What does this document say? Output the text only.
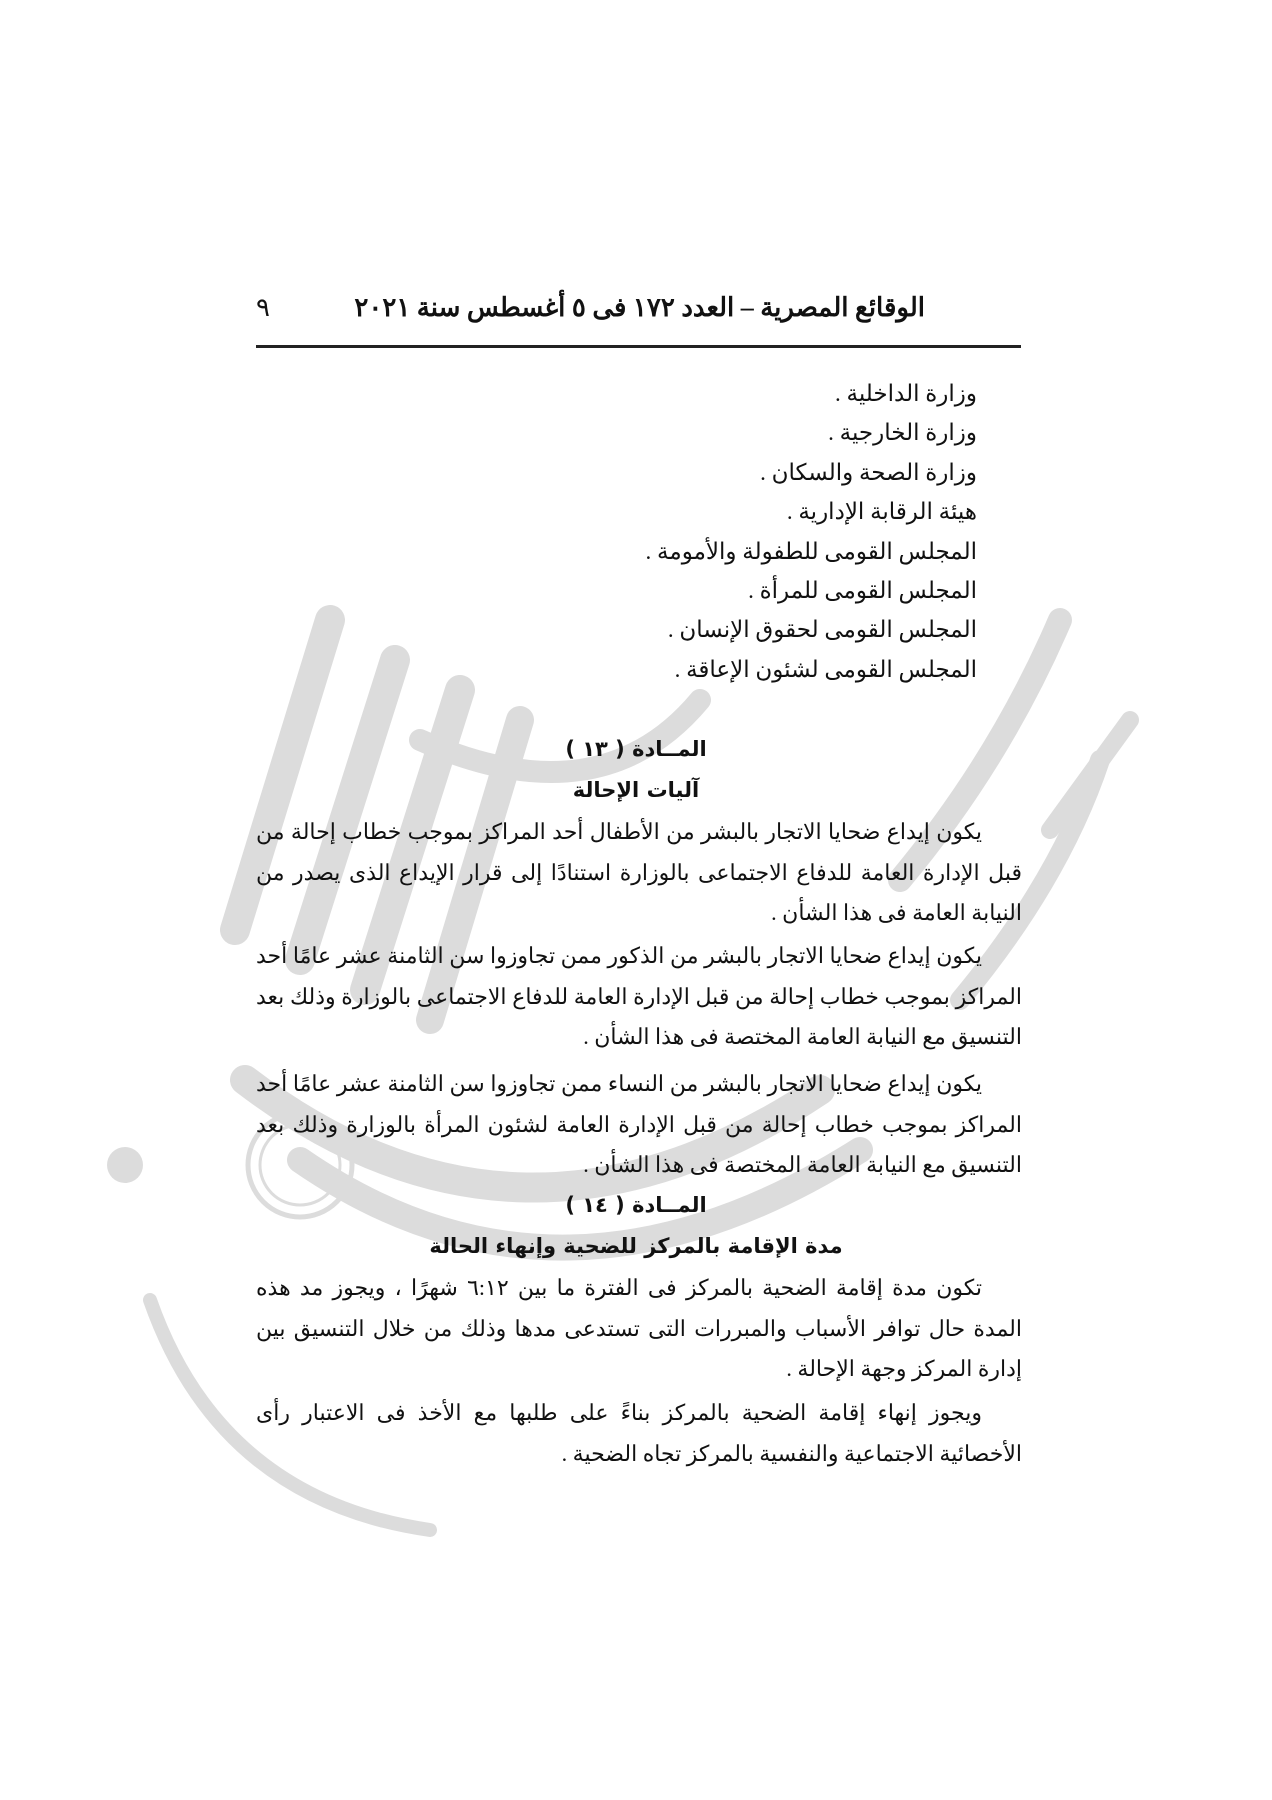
الوقائع المصرية – العدد ١٧٢ فى ٥ أغسطس سنة ٢٠٢١
٩
وزارة الداخلية .
وزارة الخارجية .
وزارة الصحة والسكان .
هيئة الرقابة الإدارية .
المجلس القومى للطفولة والأمومة .
المجلس القومى للمرأة .
المجلس القومى لحقوق الإنسان .
المجلس القومى لشئون الإعاقة .
المــادة ( ١٣ )
آليات الإحالة

يكون إيداع ضحايا الاتجار بالبشر من الأطفال أحد المراكز بموجب خطاب إحالة من قبل الإدارة العامة للدفاع الاجتماعى بالوزارة استنادًا إلى قرار الإيداع الذى يصدر من النيابة العامة فى هذا الشأن .

يكون إيداع ضحايا الاتجار بالبشر من الذكور ممن تجاوزوا سن الثامنة عشر عامًا أحد المراكز بموجب خطاب إحالة من قبل الإدارة العامة للدفاع الاجتماعى بالوزارة وذلك بعد التنسيق مع النيابة العامة المختصة فى هذا الشأن .

يكون إيداع ضحايا الاتجار بالبشر من النساء ممن تجاوزوا سن الثامنة عشر عامًا أحد المراكز بموجب خطاب إحالة من قبل الإدارة العامة لشئون المرأة بالوزارة وذلك بعد التنسيق مع النيابة العامة المختصة فى هذا الشأن .

المــادة ( ١٤ )
مدة الإقامة بالمركز للضحية وإنهاء الحالة

تكون مدة إقامة الضحية بالمركز فى الفترة ما بين ٦:١٢ شهرًا ، ويجوز مد هذه المدة حال توافر الأسباب والمبررات التى تستدعى مدها وذلك من خلال التنسيق بين إدارة المركز وجهة الإحالة .

ويجوز إنهاء إقامة الضحية بالمركز بناءً على طلبها مع الأخذ فى الاعتبار رأى الأخصائية الاجتماعية والنفسية بالمركز تجاه الضحية .
